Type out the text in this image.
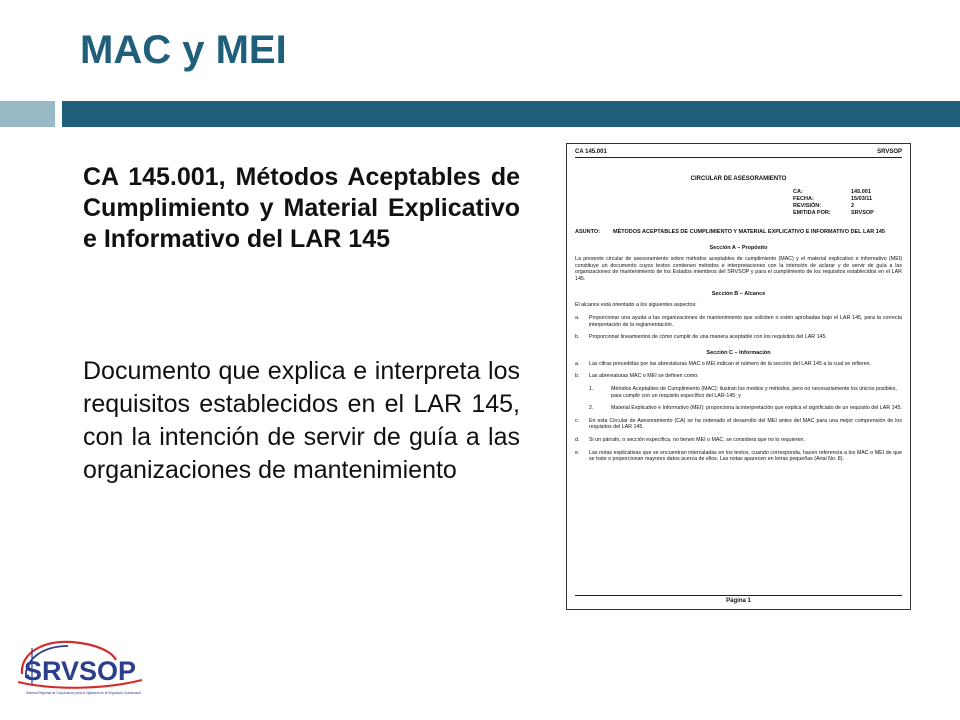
MAC y MEI
CA 145.001, Métodos Aceptables de Cumplimiento y Material Explicativo e Informativo del LAR 145
Documento que explica e interpreta los requisitos establecidos en el LAR 145, con la intención de servir de guía a las organizaciones de mantenimiento
CA 145.001	SRVSOP
CIRCULAR DE ASESORAMIENTO
CA:	145.001
FECHA:	15/03/11
REVISIÓN:	2
EMITIDA POR:	SRVSOP
ASUNTO:	MÉTODOS ACEPTABLES DE CUMPLIMIENTO Y MATERIAL EXPLICATIVO E INFORMATIVO DEL LAR 145
Sección A – Propósito

La presente circular de asesoramiento sobre métodos aceptables de cumplimiento (MAC) y el material explicativo e informativo (MEI) constituye un documento cuyos textos contienen métodos e interpretaciones con la intención de aclarar y de servir de guía a las organizaciones de mantenimiento de los Estados miembros del SRVSOP y para el cumplimiento de los requisitos establecidos en el LAR 145.

Sección B – Alcance

El alcance está orientado a los siguientes aspectos:

a.	Proporcionar una ayuda a las organizaciones de mantenimiento que soliciten o estén aprobadas bajo el LAR 145, para la correcta interpretación de la reglamentación.
b.	Proporcionar lineamientos de cómo cumplir de una manera aceptable con los requisitos del LAR 145.
Sección C – Información
a.	Las cifras precedidas por las abreviaturas MAC o MEI indican el número de la sección del LAR 145 a la cual se refieren.
b.	Las abreviaturas MAC o MEI se definen como:
1.	Métodos Aceptables de Cumplimiento (MAC): ilustran los medios y métodos, pero no necesariamente los únicos posibles, para cumplir con un requisito específico del LAR-145; y
2.	Material Explicativo e Informativo (MEI): proporciona la interpretación que explica el significado de un requisito del LAR 145.
c.	En esta Circular de Asesoramiento (CA) se ha ordenado el desarrollo del MEI antes del MAC para una mejor comprensión de los requisitos del LAR 145.
d.	Si un párrafo, o sección específica, no tienen MEI o MAC, se considera que no lo requieren.
e.	Las notas explicativas que se encuentran intercaladas en los textos, cuando corresponda, hacen referencia a los MAC o MEI de que se trate o proporcionan mayores datos acerca de ellos. Las notas aparecen en letras pequeñas (Arial No. 8).
Página 1
SRVSOP
Sistema Regional de Cooperación para la Vigilancia de la Seguridad Operacional
